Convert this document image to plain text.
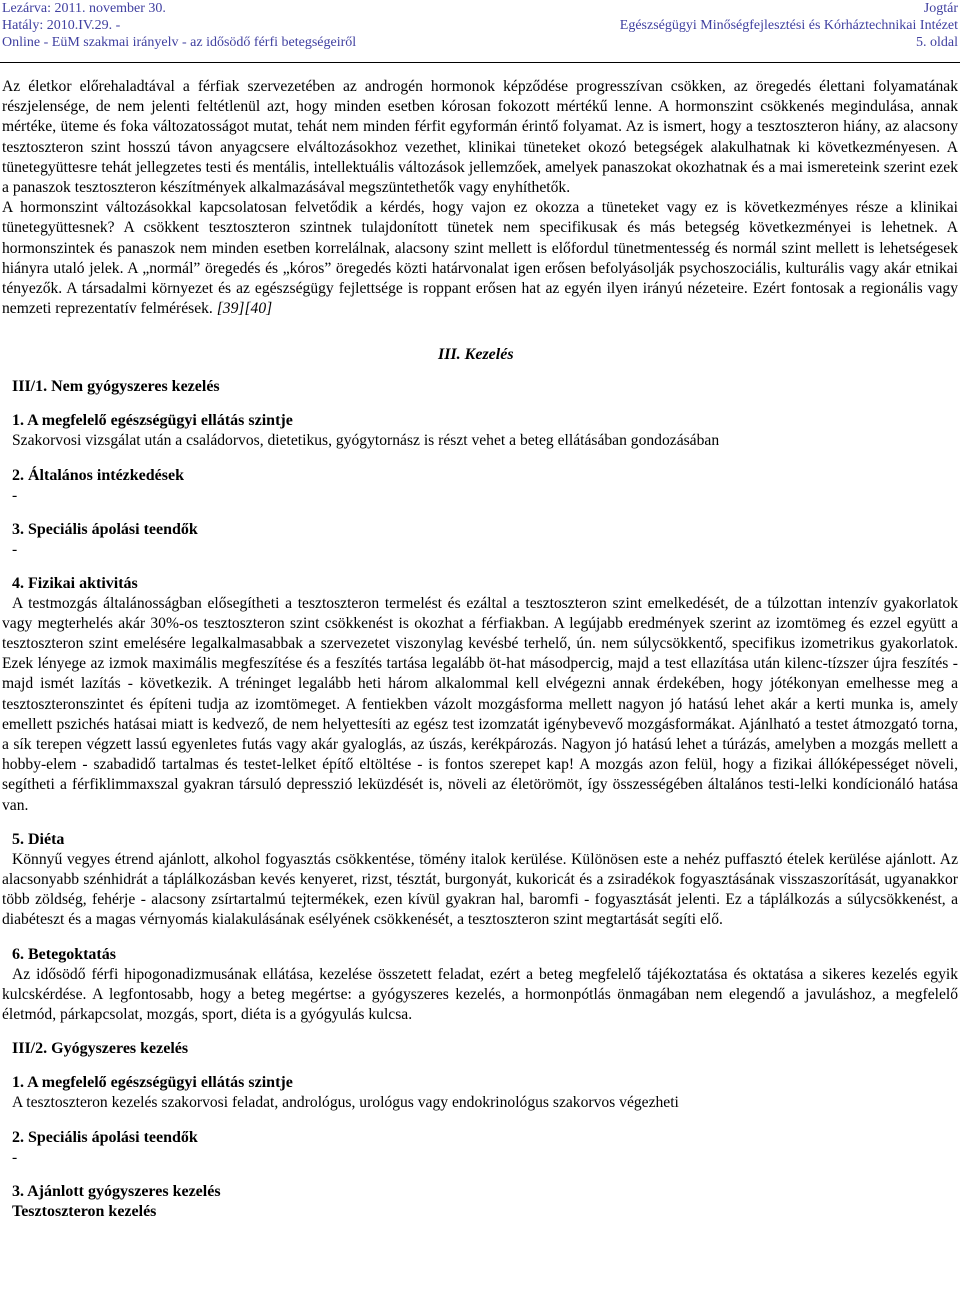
Lezárva: 2011. november 30.
Hatály: 2010.IV.29. -
Online - EüM szakmai irányelv - az idősödő férfi betegségeiről
Jogtár
Egészségügyi Minőségfejlesztési és Kórháztechnikai Intézet
5. oldal

Az életkor előrehaladtával a férfiak szervezetében az androgén hormonok képződése progresszívan csökken, az öregedés élettani folyamatának részjelensége, de nem jelenti feltétlenül azt, hogy minden esetben kórosan fokozott mértékű lenne. A hormonszint csökkenés megindulása, annak mértéke, üteme és foka változatosságot mutat, tehát nem minden férfit egyformán érintő folyamat. Az is ismert, hogy a tesztoszteron hiány, az alacsony tesztoszteron szint hosszú távon anyagcsere elváltozásokhoz vezethet, klinikai tüneteket okozó betegségek alakulhatnak ki következményesen. A tünetegyüttesre tehát jellegzetes testi és mentális, intellektuális változások jellemzőek, amelyek panaszokat okozhatnak és a mai ismereteink szerint ezek a panaszok tesztoszteron készítmények alkalmazásával megszüntethetők vagy enyhíthetők.

A hormonszint változásokkal kapcsolatosan felvetődik a kérdés, hogy vajon ez okozza a tüneteket vagy ez is következményes része a klinikai tünetegyüttesnek? A csökkent tesztoszteron szintnek tulajdonított tünetek nem specifikusak és más betegség következményei is lehetnek. A hormonszintek és panaszok nem minden esetben korrelálnak, alacsony szint mellett is előfordul tünetmentesség és normál szint mellett is lehetségesek hiányra utaló jelek. A „normál” öregedés és „kóros” öregedés közti határvonalat igen erősen befolyásolják psychoszociális, kulturális vagy akár etnikai tényezők. A társadalmi környezet és az egészségügy fejlettsége is roppant erősen hat az egyén ilyen irányú nézeteire. Ezért fontosak a regionális vagy nemzeti reprezentatív felmérések. [39][40]

III. Kezelés
III/1. Nem gyógyszeres kezelés
1. A megfelelő egészségügyi ellátás szintje

Szakorvosi vizsgálat után a családorvos, dietetikus, gyógytornász is részt vehet a beteg ellátásában gondozásában

2. Általános intézkedések
-
3. Speciális ápolási teendők
-
4. Fizikai aktivitás

A testmozgás általánosságban elősegítheti a tesztoszteron termelést és ezáltal a tesztoszteron szint emelkedését, de a túlzottan intenzív gyakorlatok vagy megterhelés akár 30%-os tesztoszteron szint csökkenést is okozhat a férfiakban. A legújabb eredmények szerint az izomtömeg és ezzel együtt a tesztoszteron szint emelésére legalkalmasabbak a szervezetet viszonylag kevésbé terhelő, ún. nem súlycsökkentő, specifikus izometrikus gyakorlatok. Ezek lényege az izmok maximális megfeszítése és a feszítés tartása legalább öt-hat másodpercig, majd a test ellazítása után kilenc-tízszer újra feszítés - majd ismét lazítás - következik. A tréninget legalább heti három alkalommal kell elvégezni annak érdekében, hogy jótékonyan emelhesse meg a tesztoszteronszintet és építeni tudja az izomtömeget. A fentiekben vázolt mozgásforma mellett nagyon jó hatású lehet akár a kerti munka is, amely emellett pszichés hatásai miatt is kedvező, de nem helyettesíti az egész test izomzatát igénybevevő mozgásformákat. Ajánlható a testet átmozgató torna, a sík terepen végzett lassú egyenletes futás vagy akár gyaloglás, az úszás, kerékpározás. Nagyon jó hatású lehet a túrázás, amelyben a mozgás mellett a hobby-elem - szabadidő tartalmas és testet-lelket építő eltöltése - is fontos szerepet kap! A mozgás azon felül, hogy a fizikai állóképességet növeli, segítheti a férfiklimmaxszal gyakran társuló depresszió leküzdését is, növeli az életörömöt, így összességében általános testi-lelki kondícionáló hatása van.

5. Diéta

Könnyű vegyes étrend ajánlott, alkohol fogyasztás csökkentése, tömény italok kerülése. Különösen este a nehéz puffasztó ételek kerülése ajánlott. Az alacsonyabb szénhidrát a táplálkozásban kevés kenyeret, rizst, tésztát, burgonyát, kukoricát és a zsiradékok fogyasztásának visszaszorítását, ugyanakkor több zöldség, fehérje - alacsony zsírtartalmú tejtermékek, ezen kívül gyakran hal, baromfi - fogyasztását jelenti. Ez a táplálkozás a súlycsökkenést, a diabéteszt és a magas vérnyomás kialakulásának esélyének csökkenését, a tesztoszteron szint megtartását segíti elő.

6. Betegoktatás

Az idősödő férfi hipogonadizmusának ellátása, kezelése összetett feladat, ezért a beteg megfelelő tájékoztatása és oktatása a sikeres kezelés egyik kulcskérdése. A legfontosabb, hogy a beteg megértse: a gyógyszeres kezelés, a hormonpótlás önmagában nem elegendő a javuláshoz, a megfelelő életmód, párkapcsolat, mozgás, sport, diéta is a gyógyulás kulcsa.

III/2. Gyógyszeres kezelés
1. A megfelelő egészségügyi ellátás szintje

A tesztoszteron kezelés szakorvosi feladat, andrológus, urológus vagy endokrinológus szakorvos végezheti

2. Speciális ápolási teendők
-
3. Ajánlott gyógyszeres kezelés
Tesztoszteron kezelés
